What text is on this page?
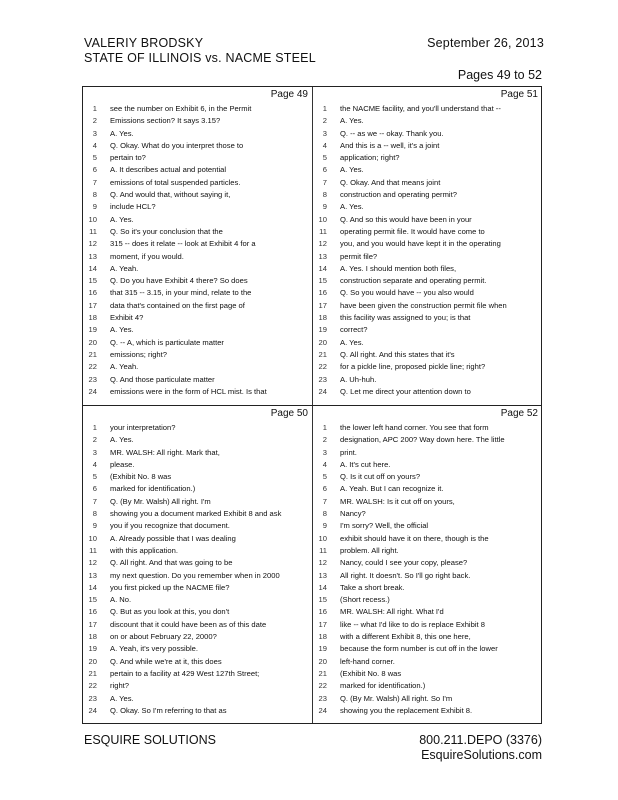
VALERIY BRODSKY
STATE OF ILLINOIS vs. NACME STEEL
September 26, 2013
Pages 49 to 52
Page 49
1 see the number on Exhibit 6, in the Permit
2 Emissions section? It says 3.15?
3 A. Yes.
4 Q. Okay. What do you interpret those to
5 pertain to?
6 A. It describes actual and potential
7 emissions of total suspended particles.
8 Q. And would that, without saying it,
9 include HCL?
10 A. Yes.
11 Q. So it's your conclusion that the
12 315 -- does it relate -- look at Exhibit 4 for a
13 moment, if you would.
14 A. Yeah.
15 Q. Do you have Exhibit 4 there? So does
16 that 315 -- 3.15, in your mind, relate to the
17 data that's contained on the first page of
18 Exhibit 4?
19 A. Yes.
20 Q. -- A, which is particulate matter
21 emissions; right?
22 A. Yeah.
23 Q. And those particulate matter
24 emissions were in the form of HCL mist. Is that
Page 51
1 the NACME facility, and you'll understand that --
2 A. Yes.
3 Q. -- as we -- okay. Thank you.
4 And this is a -- well, it's a joint
5 application; right?
6 A. Yes.
7 Q. Okay. And that means joint
8 construction and operating permit?
9 A. Yes.
10 Q. And so this would have been in your
11 operating permit file. It would have come to
12 you, and you would have kept it in the operating
13 permit file?
14 A. Yes. I should mention both files,
15 construction separate and operating permit.
16 Q. So you would have -- you also would
17 have been given the construction permit file when
18 this facility was assigned to you; is that
19 correct?
20 A. Yes.
21 Q. All right. And this states that it's
22 for a pickle line, proposed pickle line; right?
23 A. Uh-huh.
24 Q. Let me direct your attention down to
Page 50
1 your interpretation?
2 A. Yes.
3 MR. WALSH: All right. Mark that,
4 please.
5 (Exhibit No. 8 was
6 marked for identification.)
7 Q. (By Mr. Walsh) All right. I'm
8 showing you a document marked Exhibit 8 and ask
9 you if you recognize that document.
10 A. Already possible that I was dealing
11 with this application.
12 Q. All right. And that was going to be
13 my next question. Do you remember when in 2000
14 you first picked up the NACME file?
15 A. No.
16 Q. But as you look at this, you don't
17 discount that it could have been as of this date
18 on or about February 22, 2000?
19 A. Yeah, it's very possible.
20 Q. And while we're at it, this does
21 pertain to a facility at 429 West 127th Street;
22 right?
23 A. Yes.
24 Q. Okay. So I'm referring to that as
Page 52
1 the lower left hand corner. You see that form
2 designation, APC 200? Way down here. The little
3 print.
4 A. It's cut here.
5 Q. Is it cut off on yours?
6 A. Yeah. But I can recognize it.
7 MR. WALSH: Is it cut off on yours,
8 Nancy?
9 I'm sorry? Well, the official
10 exhibit should have it on there, though is the
11 problem. All right.
12 Nancy, could I see your copy, please?
13 All right. It doesn't. So I'll go right back.
14 Take a short break.
15 (Short recess.)
16 MR. WALSH: All right. What I'd
17 like -- what I'd like to do is replace Exhibit 8
18 with a different Exhibit 8, this one here,
19 because the form number is cut off in the lower
20 left-hand corner.
21 (Exhibit No. 8 was
22 marked for identification.)
23 Q. (By Mr. Walsh) All right. So I'm
24 showing you the replacement Exhibit 8.
ESQUIRE SOLUTIONS	800.211.DEPO (3376)
EsquireSolutions.com
